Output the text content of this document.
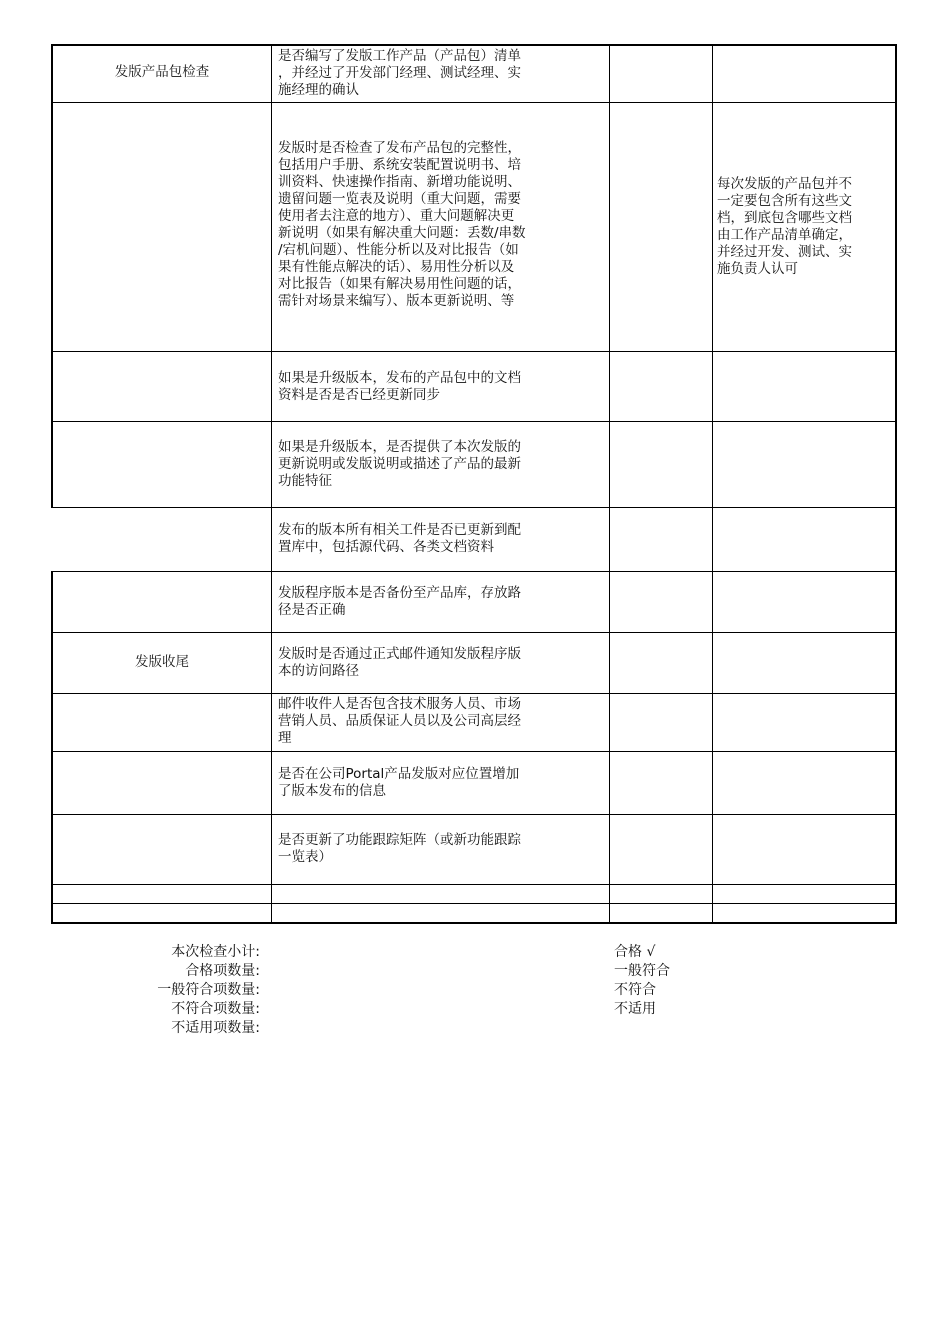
发版产品包检查
是否编写了发版工作产品（产品包）清单
，并经过了开发部门经理、测试经理、实
施经理的确认
发版时是否检查了发布产品包的完整性，
包括用户手册、系统安装配置说明书、培
训资料、快速操作指南、新增功能说明、
遗留问题一览表及说明（重大问题，需要
使用者去注意的地方）、重大问题解决更
新说明（如果有解决重大问题：丢数/串数
/宕机问题）、性能分析以及对比报告（如
果有性能点解决的话）、易用性分析以及
对比报告（如果有解决易用性问题的话，
需针对场景来编写）、版本更新说明、等
每次发版的产品包并不
一定要包含所有这些文
档，到底包含哪些文档
由工作产品清单确定，
并经过开发、测试、实
施负责人认可
如果是升级版本，发布的产品包中的文档
资料是否是否已经更新同步
如果是升级版本，是否提供了本次发版的
更新说明或发版说明或描述了产品的最新
功能特征
发布的版本所有相关工件是否已更新到配
置库中，包括源代码、各类文档资料
发版程序版本是否备份至产品库，存放路
径是否正确
发版收尾	发版时是否通过正式邮件通知发版程序版
本的访问路径
邮件收件人是否包含技术服务人员、市场
营销人员、品质保证人员以及公司高层经
理
是否在公司Portal产品发版对应位置增加
了版本发布的信息
是否更新了功能跟踪矩阵（或新功能跟踪
一览表）
本次检查小计:
合格项数量:
一般符合项数量:
不符合项数量:
不适用项数量:
合格 √
一般符合
不符合
不适用
